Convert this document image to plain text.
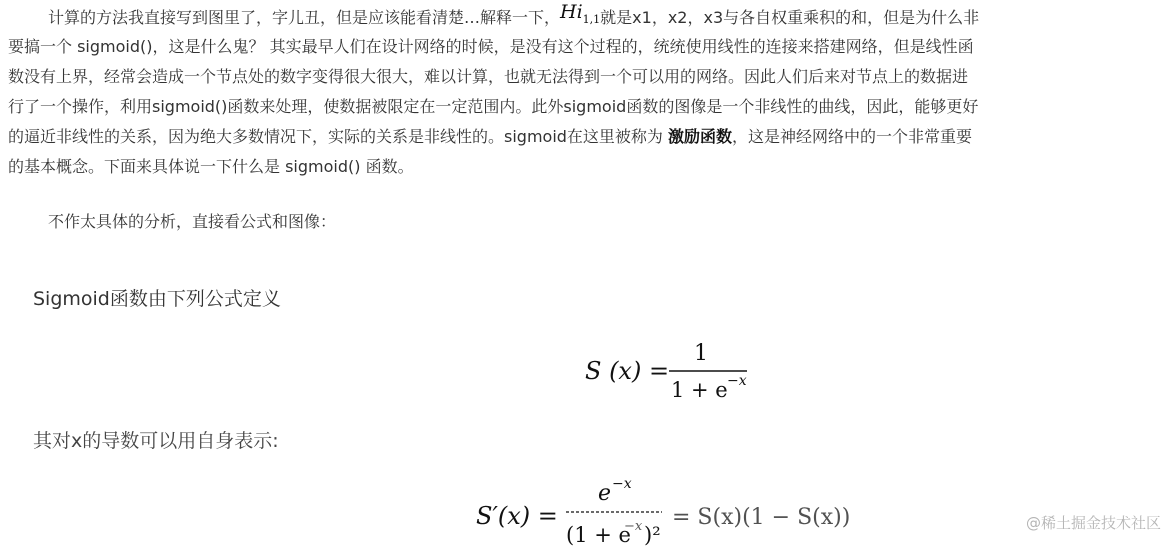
计算的方法我直接写到图里了，字儿丑，但是应该能看清楚…解释一下，Hi1,1就是x1，x2，x3与各自权重乘积的和，但是为什么非
要搞一个 sigmoid()，这是什么鬼？ 其实最早人们在设计网络的时候，是没有这个过程的，统统使用线性的连接来搭建网络，但是线性函
数没有上界，经常会造成一个节点处的数字变得很大很大，难以计算，也就无法得到一个可以用的网络。因此人们后来对节点上的数据进
行了一个操作，利用sigmoid()函数来处理，使数据被限定在一定范围内。此外sigmoid函数的图像是一个非线性的曲线，因此，能够更好
的逼近非线性的关系，因为绝大多数情况下，实际的关系是非线性的。sigmoid在这里被称为 激励函数，这是神经网络中的一个非常重要
的基本概念。下面来具体说一下什么是 sigmoid() 函数。
不作太具体的分析，直接看公式和图像：
Sigmoid函数由下列公式定义
S (x) =
1
1 + e −x
其对x的导数可以用自身表示:
S′(x) =
e −x
(1 + e
−x )²
= S(x)(1 − S(x))	@稀土掘金技术社区
